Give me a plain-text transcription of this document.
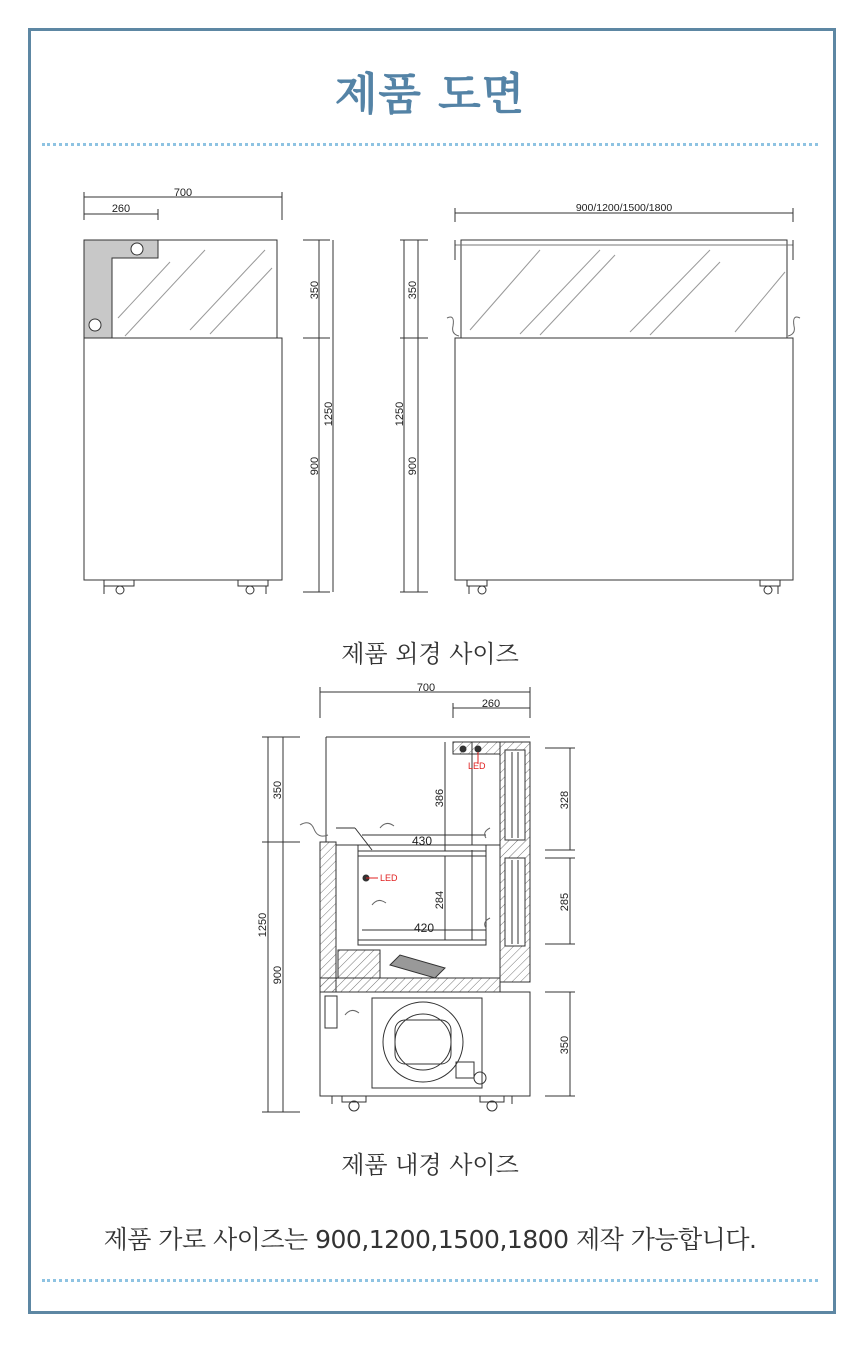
제품 도면
700
260
350
1250
900
900/1200/1500/1800
350
1250
900
LED
LED
700
260
350
1250
900
430
420
386
284
328
285
350
제품 외경 사이즈
제품 내경 사이즈
제품 가로 사이즈는 900,1200,1500,1800 제작 가능합니다.
